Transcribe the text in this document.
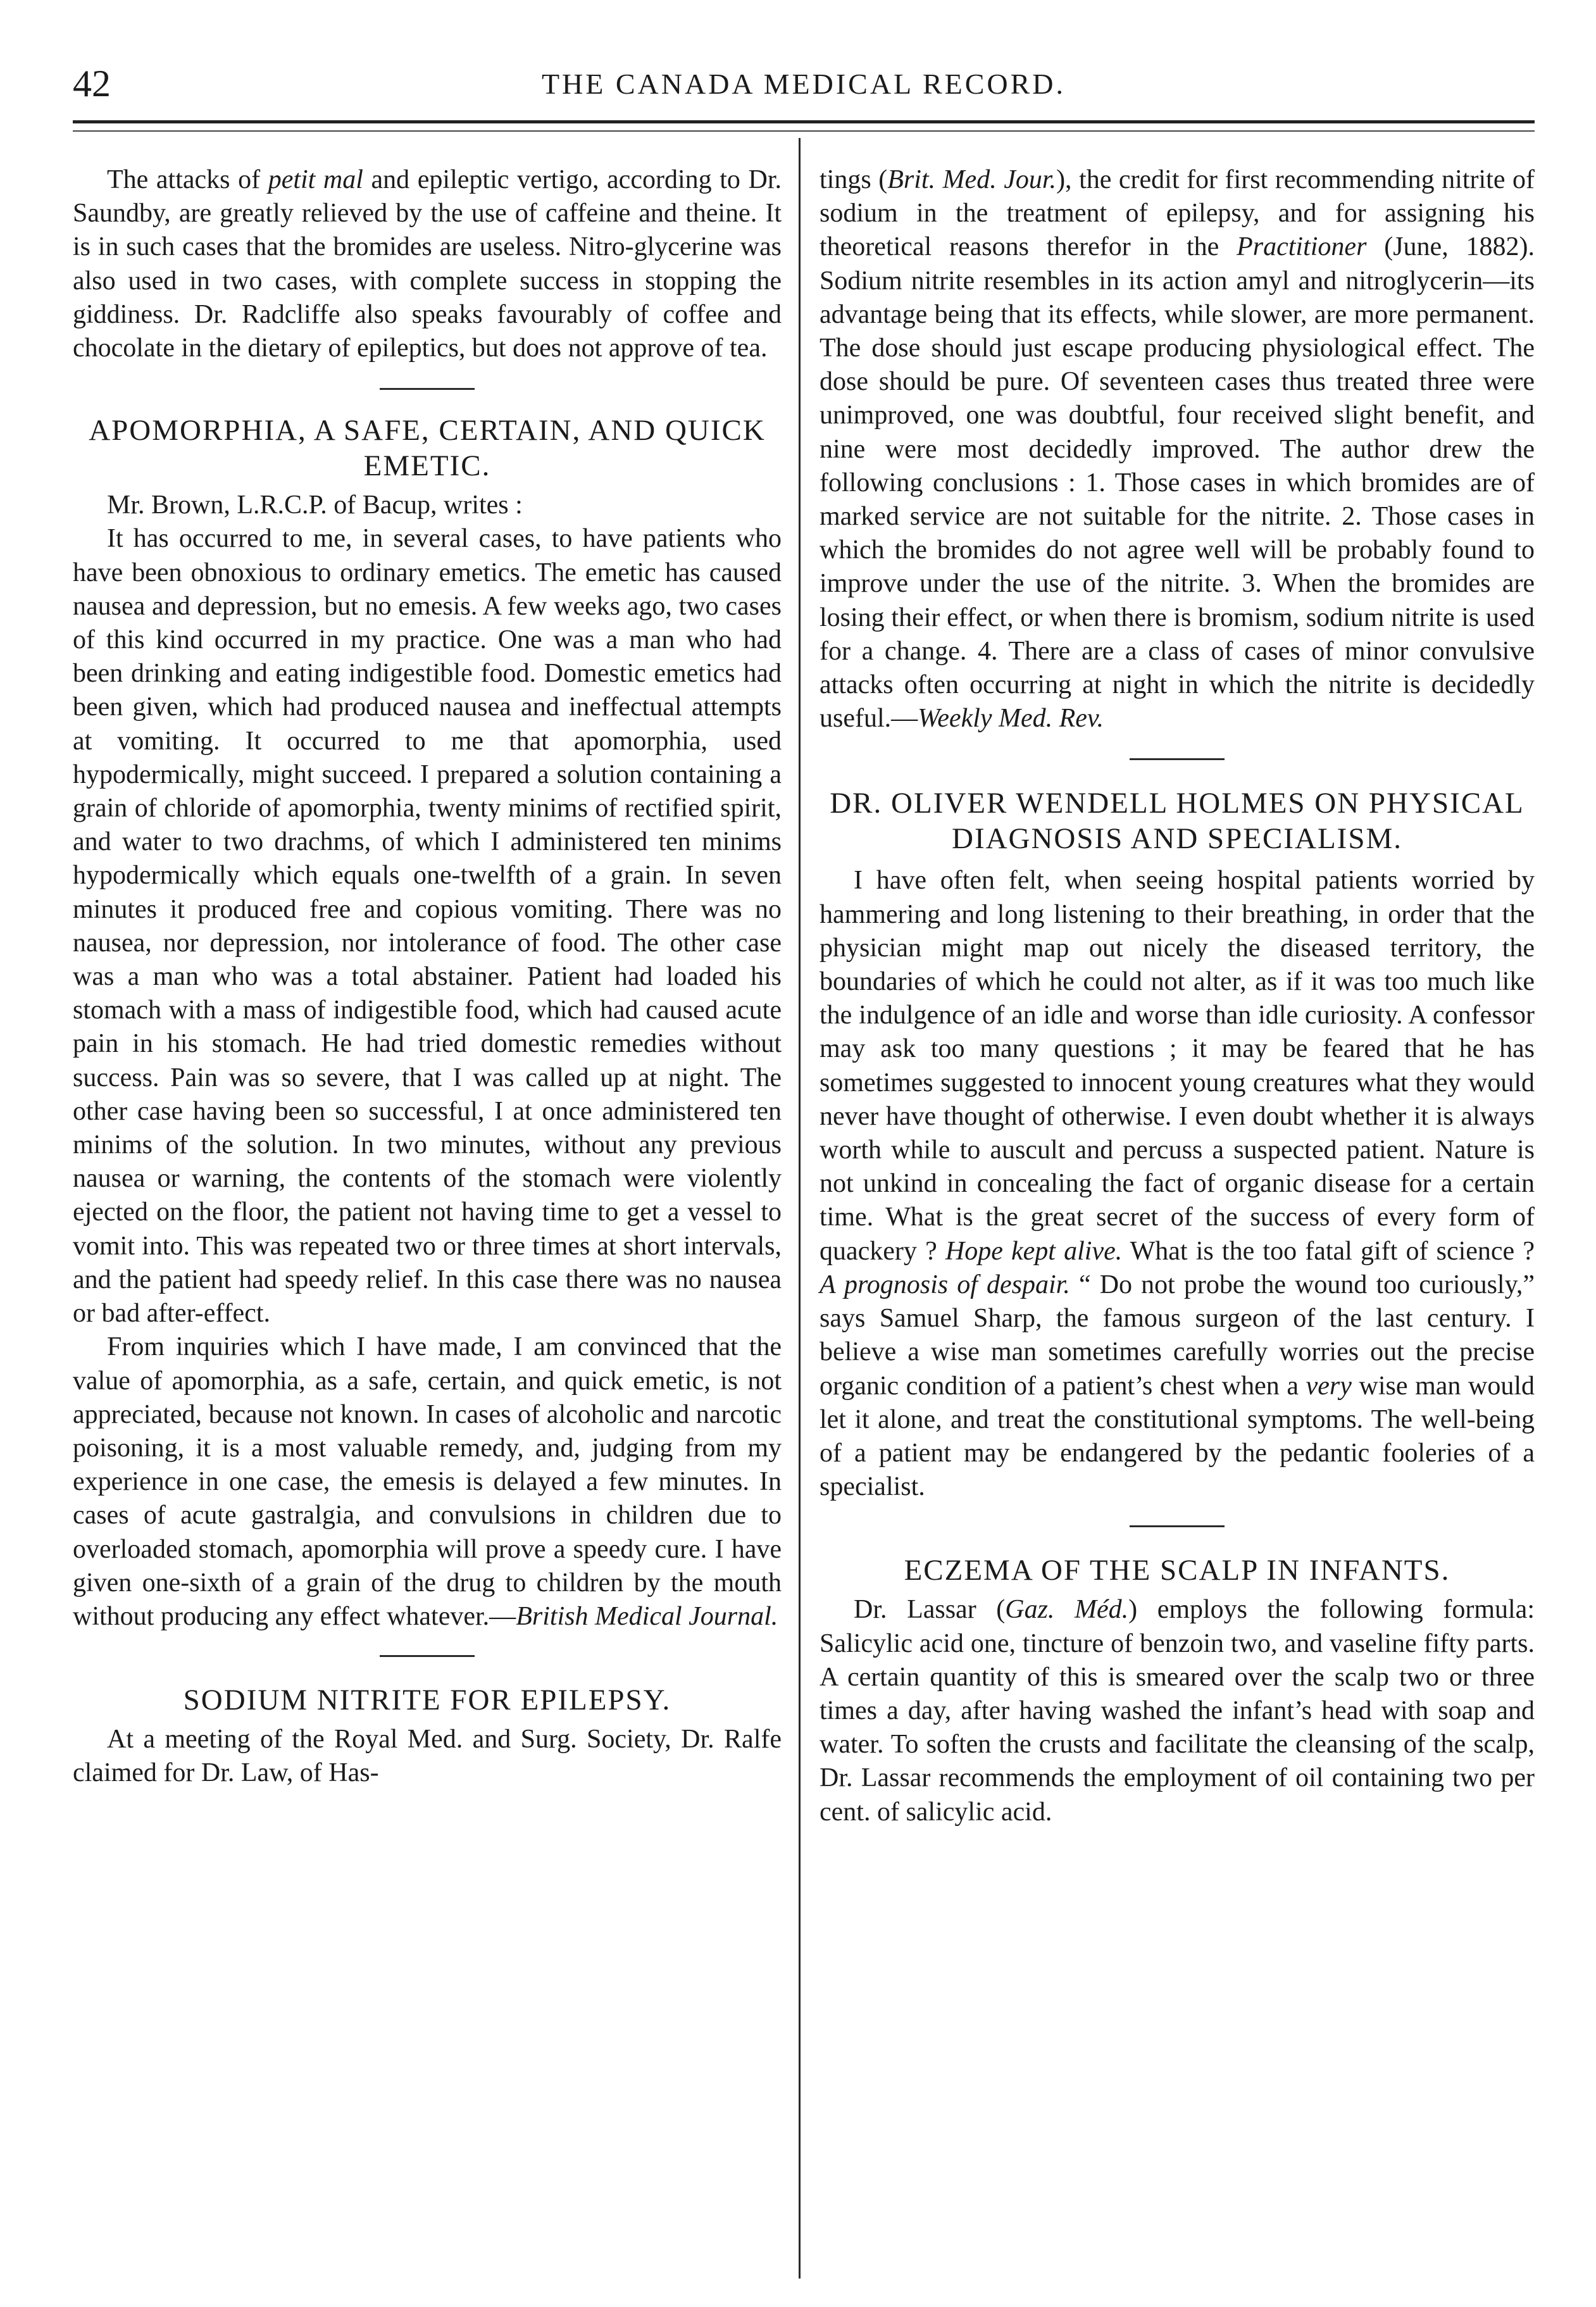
42	THE CANADA MEDICAL RECORD.

The attacks of petit mal and epileptic vertigo, according to Dr. Saundby, are greatly relieved by the use of caffeine and theine. It is in such cases that the bromides are useless. Nitro-glycerine was also used in two cases, with complete success in stopping the giddiness. Dr. Radcliffe also speaks favourably of coffee and chocolate in the dietary of epileptics, but does not approve of tea.

APOMORPHIA, A SAFE, CERTAIN, AND QUICK EMETIC.

Mr. Brown, L.R.C.P. of Bacup, writes :

It has occurred to me, in several cases, to have patients who have been obnoxious to ordinary emetics. The emetic has caused nausea and depression, but no emesis. A few weeks ago, two cases of this kind occurred in my practice. One was a man who had been drinking and eating indigestible food. Domestic emetics had been given, which had produced nausea and ineffectual attempts at vomiting. It occurred to me that apomorphia, used hypodermically, might succeed. I prepared a solution containing a grain of chloride of apomorphia, twenty minims of rectified spirit, and water to two drachms, of which I administered ten minims hypodermically which equals one-twelfth of a grain. In seven minutes it produced free and copious vomiting. There was no nausea, nor depression, nor intolerance of food. The other case was a man who was a total abstainer. Patient had loaded his stomach with a mass of indigestible food, which had caused acute pain in his stomach. He had tried domestic remedies without success. Pain was so severe, that I was called up at night. The other case having been so successful, I at once administered ten minims of the solution. In two minutes, without any previous nausea or warning, the contents of the stomach were violently ejected on the floor, the patient not having time to get a vessel to vomit into. This was repeated two or three times at short intervals, and the patient had speedy relief. In this case there was no nausea or bad after-effect.

From inquiries which I have made, I am convinced that the value of apomorphia, as a safe, certain, and quick emetic, is not appreciated, because not known. In cases of alcoholic and narcotic poisoning, it is a most valuable remedy, and, judging from my experience in one case, the emesis is delayed a few minutes. In cases of acute gastralgia, and convulsions in children due to overloaded stomach, apomorphia will prove a speedy cure. I have given one-sixth of a grain of the drug to children by the mouth without producing any effect whatever.—British Medical Journal.

SODIUM NITRITE FOR EPILEPSY.

At a meeting of the Royal Med. and Surg. Society, Dr. Ralfe claimed for Dr. Law, of Has-

tings (Brit. Med. Jour.), the credit for first recommending nitrite of sodium in the treatment of epilepsy, and for assigning his theoretical reasons therefor in the Practitioner (June, 1882). Sodium nitrite resembles in its action amyl and nitroglycerin—its advantage being that its effects, while slower, are more permanent. The dose should just escape producing physiological effect. The dose should be pure. Of seventeen cases thus treated three were unimproved, one was doubtful, four received slight benefit, and nine were most decidedly improved. The author drew the following conclusions : 1. Those cases in which bromides are of marked service are not suitable for the nitrite. 2. Those cases in which the bromides do not agree well will be probably found to improve under the use of the nitrite. 3. When the bromides are losing their effect, or when there is bromism, sodium nitrite is used for a change. 4. There are a class of cases of minor convulsive attacks often occurring at night in which the nitrite is decidedly useful.—Weekly Med. Rev.

DR. OLIVER WENDELL HOLMES ON PHYSICAL DIAGNOSIS AND SPECIALISM.

I have often felt, when seeing hospital patients worried by hammering and long listening to their breathing, in order that the physician might map out nicely the diseased territory, the boundaries of which he could not alter, as if it was too much like the indulgence of an idle and worse than idle curiosity. A confessor may ask too many questions ; it may be feared that he has sometimes suggested to innocent young creatures what they would never have thought of otherwise. I even doubt whether it is always worth while to auscult and percuss a suspected patient. Nature is not unkind in concealing the fact of organic disease for a certain time. What is the great secret of the success of every form of quackery ? Hope kept alive. What is the too fatal gift of science ? A prognosis of despair. “ Do not probe the wound too curiously,” says Samuel Sharp, the famous surgeon of the last century. I believe a wise man sometimes carefully worries out the precise organic condition of a patient’s chest when a very wise man would let it alone, and treat the constitutional symptoms. The well-being of a patient may be endangered by the pedantic fooleries of a specialist.

ECZEMA OF THE SCALP IN INFANTS.

Dr. Lassar (Gaz. Méd.) employs the following formula: Salicylic acid one, tincture of benzoin two, and vaseline fifty parts. A certain quantity of this is smeared over the scalp two or three times a day, after having washed the infant’s head with soap and water. To soften the crusts and facilitate the cleansing of the scalp, Dr. Lassar recommends the employment of oil containing two per cent. of salicylic acid.
